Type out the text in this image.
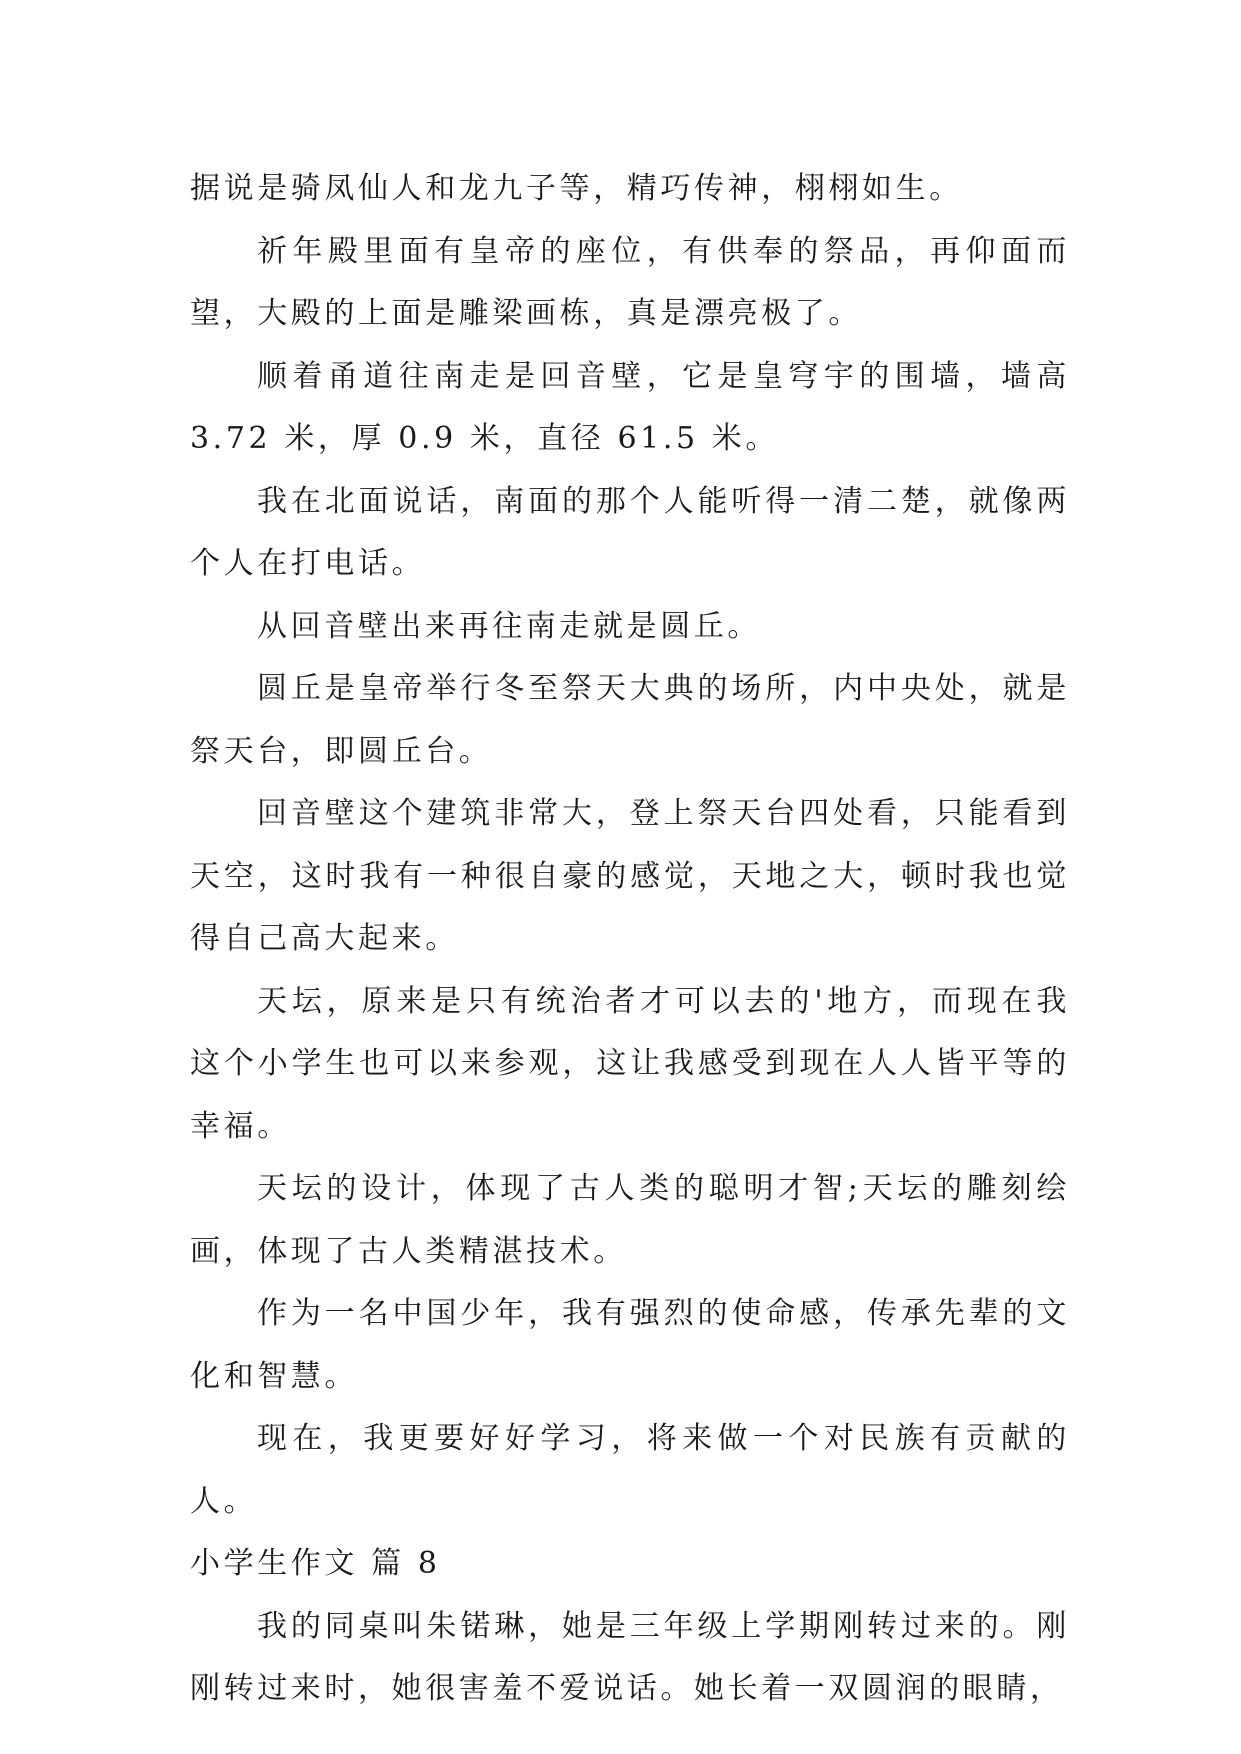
据说是骑凤仙人和龙九子等，精巧传神，栩栩如生。

祈年殿里面有皇帝的座位，有供奉的祭品，再仰面而望，大殿的上面是雕梁画栋，真是漂亮极了。

顺着甬道往南走是回音壁，它是皇穹宇的围墙，墙高3.72 米，厚 0.9 米，直径 61.5 米。

我在北面说话，南面的那个人能听得一清二楚，就像两个人在打电话。

从回音壁出来再往南走就是圆丘。

圆丘是皇帝举行冬至祭天大典的场所，内中央处，就是祭天台，即圆丘台。

回音壁这个建筑非常大，登上祭天台四处看，只能看到天空，这时我有一种很自豪的感觉，天地之大，顿时我也觉得自己高大起来。

天坛，原来是只有统治者才可以去的'地方，而现在我这个小学生也可以来参观，这让我感受到现在人人皆平等的幸福。

天坛的设计，体现了古人类的聪明才智;天坛的雕刻绘画，体现了古人类精湛技术。

作为一名中国少年，我有强烈的使命感，传承先辈的文化和智慧。

现在，我更要好好学习，将来做一个对民族有贡献的人。

小学生作文 篇 8

我的同桌叫朱锘琳，她是三年级上学期刚转过来的。刚刚转过来时，她很害羞不爱说话。她长着一双圆润的眼睛，
